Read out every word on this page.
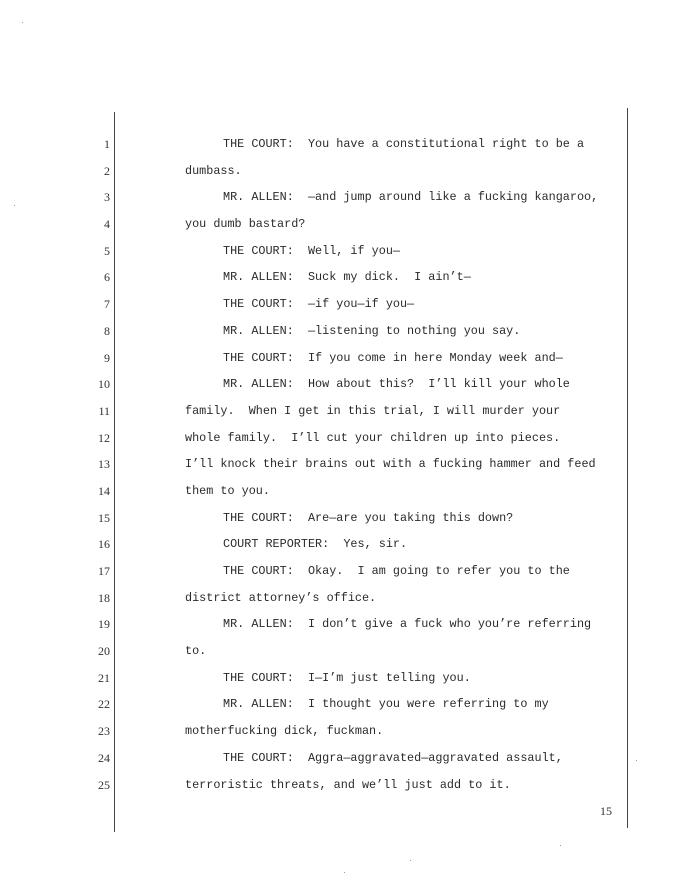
1
2
3
4
5
6
7
8
9
10
11
12
13
14
15
16
17
18
19
20
21
22
23
24
25
THE COURT:  You have a constitutional right to be a
dumbass.
MR. ALLEN:  —and jump around like a fucking kangaroo,
you dumb bastard?
THE COURT:  Well, if you—
MR. ALLEN:  Suck my dick.  I ain’t—
THE COURT:  —if you—if you—
MR. ALLEN:  —listening to nothing you say.
THE COURT:  If you come in here Monday week and—
MR. ALLEN:  How about this?  I’ll kill your whole
family.  When I get in this trial, I will murder your
whole family.  I’ll cut your children up into pieces.
I’ll knock their brains out with a fucking hammer and feed
them to you.
THE COURT:  Are—are you taking this down?
COURT REPORTER:  Yes, sir.
THE COURT:  Okay.  I am going to refer you to the
district attorney’s office.
MR. ALLEN:  I don’t give a fuck who you’re referring
to.
THE COURT:  I—I’m just telling you.
MR. ALLEN:  I thought you were referring to my
motherfucking dick, fuckman.
THE COURT:  Aggra—aggravated—aggravated assault,
terroristic threats, and we’ll just add to it.
15
